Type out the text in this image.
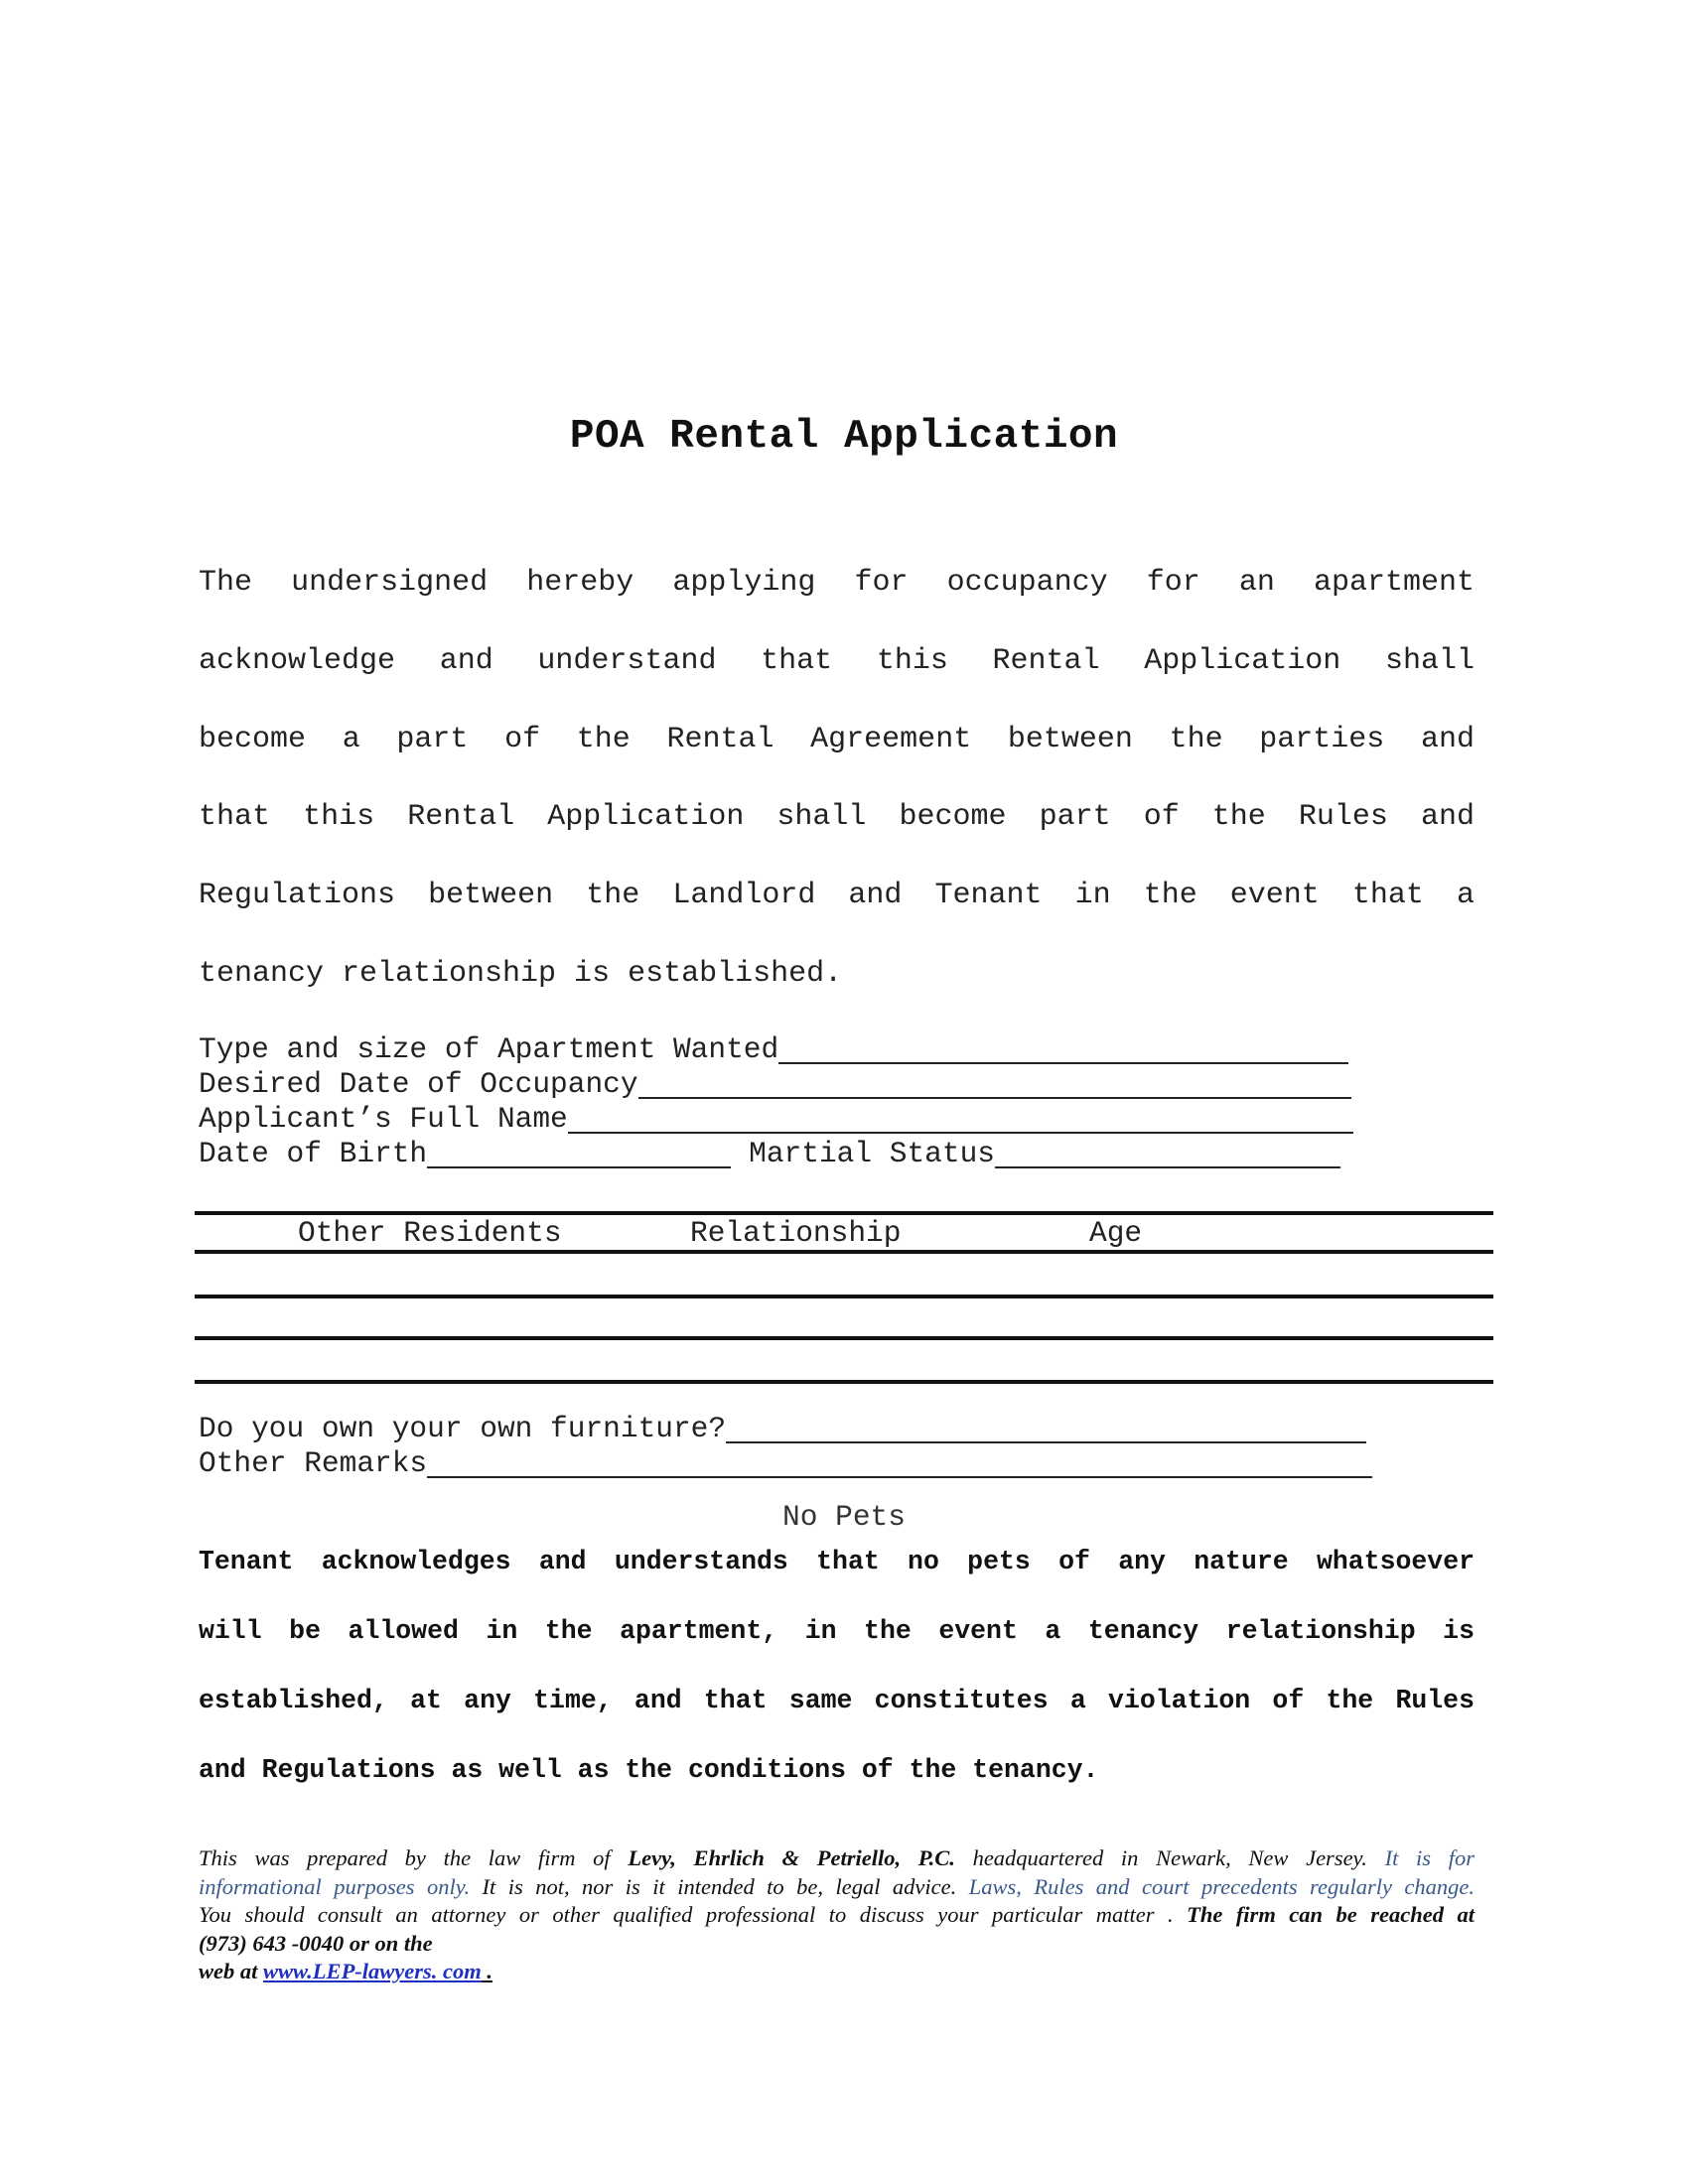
POA Rental Application
The undersigned hereby applying for occupancy for an apartment
acknowledge and understand that this Rental Application shall
become a part of the Rental Agreement between the parties and
that this Rental Application shall become part of the Rules and
Regulations between the Landlord and Tenant in the event that a
tenancy relationship is established.
Type and size of Apartment Wanted
Desired Date of Occupancy
Applicant’s Full Name
Date of Birth	Martial Status
Other Residents	Relationship	Age
Do you own your own furniture?
Other Remarks
No Pets
Tenant acknowledges and understands that no pets of any nature whatsoever
will be allowed in the apartment, in the event a tenancy relationship is
established, at any time, and that same constitutes a violation of the Rules
and Regulations as well as the conditions of the tenancy.
This was prepared by the law firm of Levy, Ehrlich & Petriello, P.C. headquartered in Newark, New Jersey. It is for
informational purposes only. It is not, nor is it intended to be, legal advice. Laws, Rules and court precedents regularly change.
You should consult an attorney or other qualified professional to discuss your particular matter . The firm can be reached at
(973) 643 -0040 or on the
web at www.LEP-lawyers. com .
